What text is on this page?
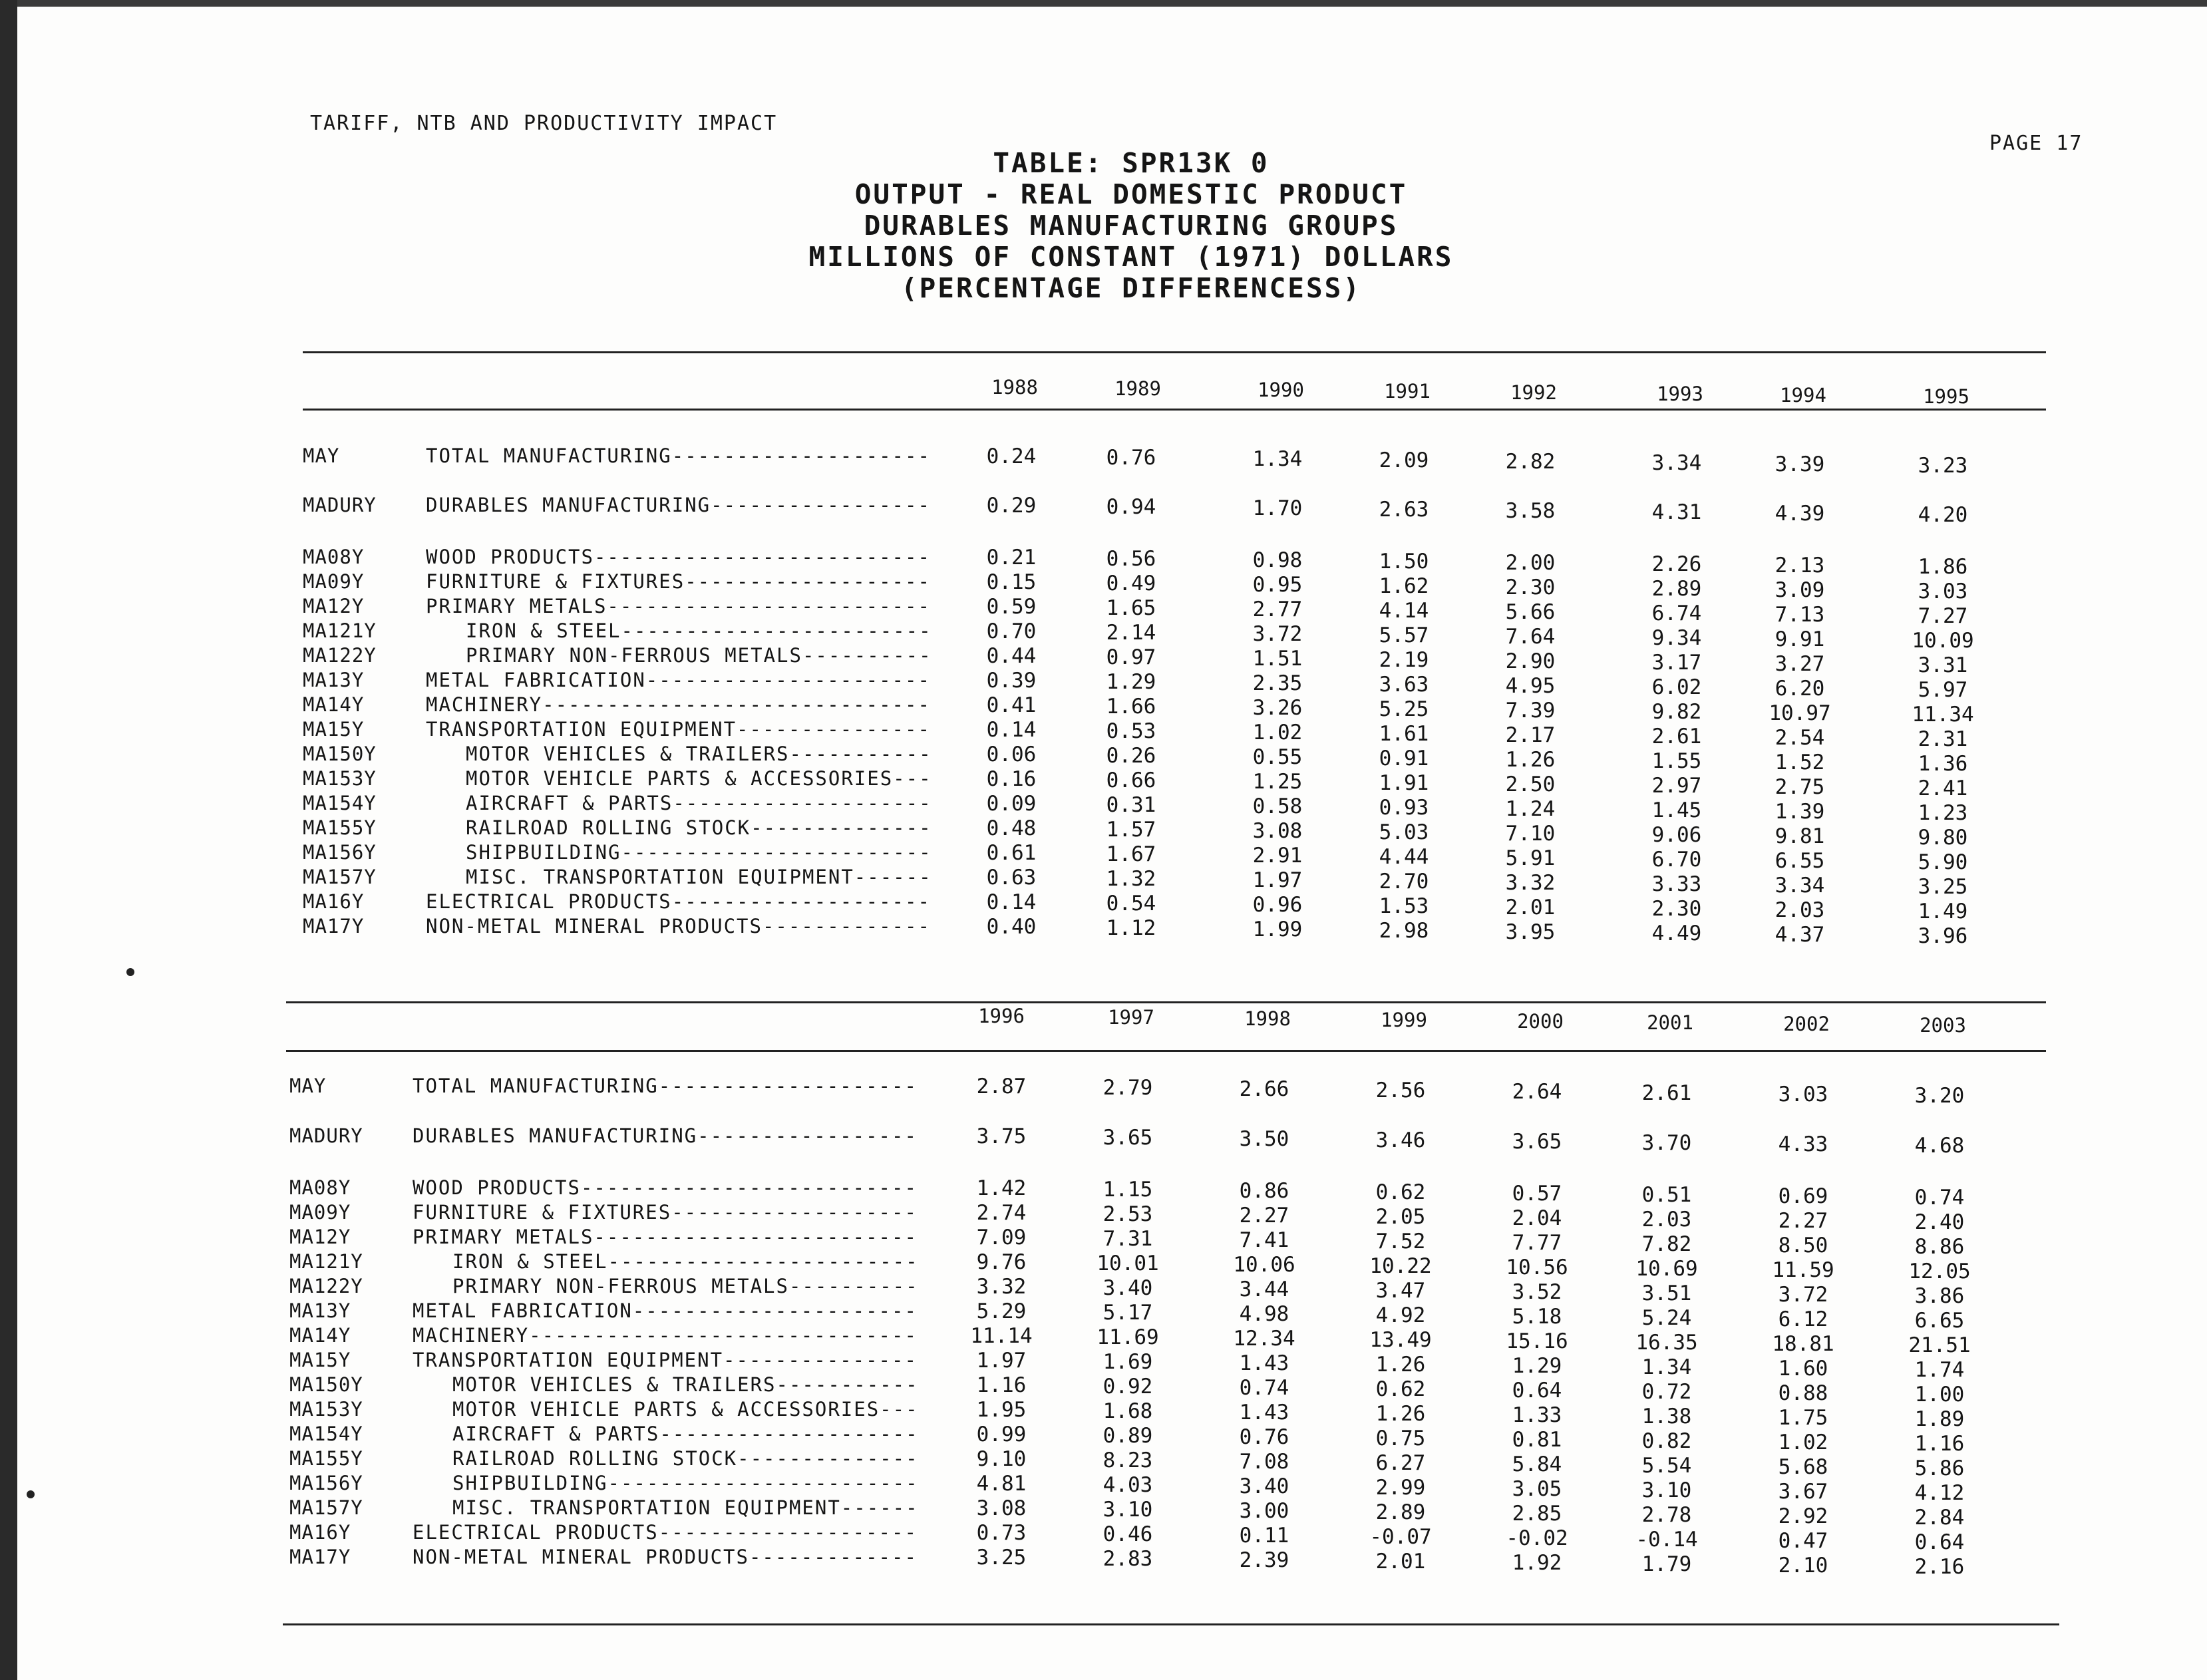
TARIFF, NTB AND PRODUCTIVITY IMPACT
PAGE 17
TABLE: SPR13K 0
OUTPUT - REAL DOMESTIC PRODUCT
DURABLES MANUFACTURING GROUPS
MILLIONS OF CONSTANT (1971) DOLLARS
(PERCENTAGE DIFFERENCESS)
1988	1989	1990	1991	1992	1993	1994	1995
MAY	TOTAL MANUFACTURING--------------------	0.24	0.76	1.34	2.09	2.82	3.34	3.39	3.23
MADURY	DURABLES MANUFACTURING-----------------	0.29	0.94	1.70	2.63	3.58	4.31	4.39	4.20
MA08Y	WOOD PRODUCTS--------------------------	0.21	0.56	0.98	1.50	2.00	2.26	2.13	1.86
MA09Y	FURNITURE & FIXTURES-------------------	0.15	0.49	0.95	1.62	2.30	2.89	3.09	3.03
MA12Y	PRIMARY METALS-------------------------	0.59	1.65	2.77	4.14	5.66	6.74	7.13	7.27
MA121Y	IRON & STEEL------------------------	0.70	2.14	3.72	5.57	7.64	9.34	9.91	10.09
MA122Y	PRIMARY NON-FERROUS METALS----------	0.44	0.97	1.51	2.19	2.90	3.17	3.27	3.31
MA13Y	METAL FABRICATION----------------------	0.39	1.29	2.35	3.63	4.95	6.02	6.20	5.97
MA14Y	MACHINERY------------------------------	0.41	1.66	3.26	5.25	7.39	9.82	10.97	11.34
MA15Y	TRANSPORTATION EQUIPMENT---------------	0.14	0.53	1.02	1.61	2.17	2.61	2.54	2.31
MA150Y	MOTOR VEHICLES & TRAILERS-----------	0.06	0.26	0.55	0.91	1.26	1.55	1.52	1.36
MA153Y	MOTOR VEHICLE PARTS & ACCESSORIES---	0.16	0.66	1.25	1.91	2.50	2.97	2.75	2.41
MA154Y	AIRCRAFT & PARTS--------------------	0.09	0.31	0.58	0.93	1.24	1.45	1.39	1.23
MA155Y	RAILROAD ROLLING STOCK--------------	0.48	1.57	3.08	5.03	7.10	9.06	9.81	9.80
MA156Y	SHIPBUILDING------------------------	0.61	1.67	2.91	4.44	5.91	6.70	6.55	5.90
MA157Y	MISC. TRANSPORTATION EQUIPMENT------	0.63	1.32	1.97	2.70	3.32	3.33	3.34	3.25
MA16Y	ELECTRICAL PRODUCTS--------------------	0.14	0.54	0.96	1.53	2.01	2.30	2.03	1.49
MA17Y	NON-METAL MINERAL PRODUCTS-------------	0.40	1.12	1.99	2.98	3.95	4.49	4.37	3.96
1996	1997	1998	1999	2000	2001	2002	2003
MAY	TOTAL MANUFACTURING--------------------	2.87	2.79	2.66	2.56	2.64	2.61	3.03	3.20
MADURY	DURABLES MANUFACTURING-----------------	3.75	3.65	3.50	3.46	3.65	3.70	4.33	4.68
MA08Y	WOOD PRODUCTS--------------------------	1.42	1.15	0.86	0.62	0.57	0.51	0.69	0.74
MA09Y	FURNITURE & FIXTURES-------------------	2.74	2.53	2.27	2.05	2.04	2.03	2.27	2.40
MA12Y	PRIMARY METALS-------------------------	7.09	7.31	7.41	7.52	7.77	7.82	8.50	8.86
MA121Y	IRON & STEEL------------------------	9.76	10.01	10.06	10.22	10.56	10.69	11.59	12.05
MA122Y	PRIMARY NON-FERROUS METALS----------	3.32	3.40	3.44	3.47	3.52	3.51	3.72	3.86
MA13Y	METAL FABRICATION----------------------	5.29	5.17	4.98	4.92	5.18	5.24	6.12	6.65
MA14Y	MACHINERY------------------------------	11.14	11.69	12.34	13.49	15.16	16.35	18.81	21.51
MA15Y	TRANSPORTATION EQUIPMENT---------------	1.97	1.69	1.43	1.26	1.29	1.34	1.60	1.74
MA150Y	MOTOR VEHICLES & TRAILERS-----------	1.16	0.92	0.74	0.62	0.64	0.72	0.88	1.00
MA153Y	MOTOR VEHICLE PARTS & ACCESSORIES---	1.95	1.68	1.43	1.26	1.33	1.38	1.75	1.89
MA154Y	AIRCRAFT & PARTS--------------------	0.99	0.89	0.76	0.75	0.81	0.82	1.02	1.16
MA155Y	RAILROAD ROLLING STOCK--------------	9.10	8.23	7.08	6.27	5.84	5.54	5.68	5.86
MA156Y	SHIPBUILDING------------------------	4.81	4.03	3.40	2.99	3.05	3.10	3.67	4.12
MA157Y	MISC. TRANSPORTATION EQUIPMENT------	3.08	3.10	3.00	2.89	2.85	2.78	2.92	2.84
MA16Y	ELECTRICAL PRODUCTS--------------------	0.73	0.46	0.11	-0.07	-0.02	-0.14	0.47	0.64
MA17Y	NON-METAL MINERAL PRODUCTS-------------	3.25	2.83	2.39	2.01	1.92	1.79	2.10	2.16
